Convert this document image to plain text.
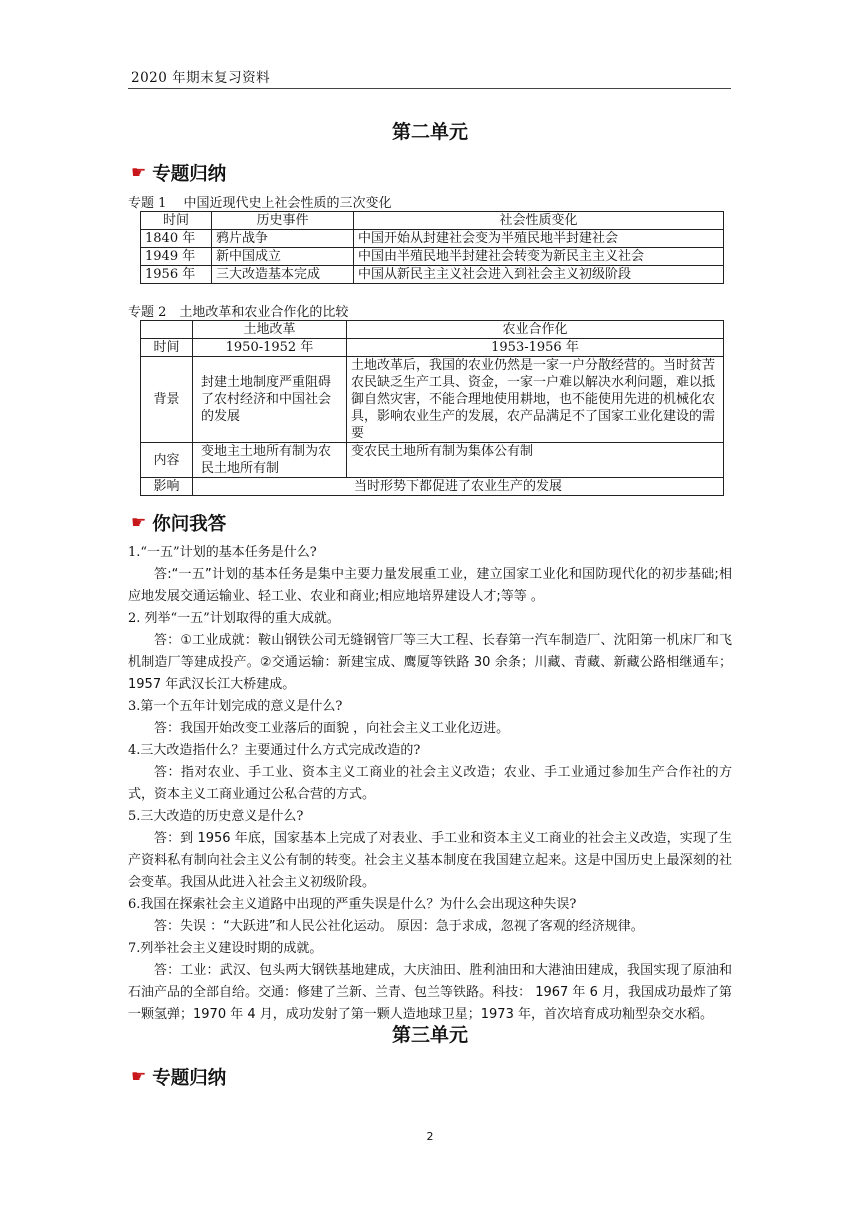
2020 年期末复习资料
第二单元
☛ 专题归纳
专题 1　 中国近现代史上社会性质的三次变化
时间	历史事件	社会性质变化
1840 年	鸦片战争	中国开始从封建社会变为半殖民地半封建社会
1949 年	新中国成立	中国由半殖民地半封建社会转变为新民主主义社会
1956 年	三大改造基本完成	中国从新民主主义社会进入到社会主义初级阶段
专题 2　土地改革和农业合作化的比较
	土地改革	农业合作化
时间	1950-1952 年	1953-1956 年
背景	封建土地制度严重阻碍了农村经济和中国社会的发展	土地改革后，我国的农业仍然是一家一户分散经营的。当时贫苦农民缺乏生产工具、资金，一家一户难以解决水利问题，难以抵御自然灾害，不能合理地使用耕地，也不能使用先进的机械化农具，影响农业生产的发展，农产品满足不了国家工业化建设的需要
内容	变地主土地所有制为农民土地所有制	变农民土地所有制为集体公有制
影响	当时形势下都促进了农业生产的发展	
☛ 你问我答

1.“一五”计划的基本任务是什么?

答:“一五”计划的基本任务是集中主要力量发展重工业，建立国家工业化和国防现代化的初步基础;相应地发展交通运输业、轻工业、农业和商业;相应地培界建设人才;等等 。

2. 列举“一五”计划取得的重大成就。

答：①工业成就：鞍山钢铁公司无缝钢管厂等三大工程、长春第一汽车制造厂、沈阳第一机床厂和飞机制造厂等建成投产。②交通运输：新建宝成、鹰厦等铁路 30 余条；川藏、青藏、新藏公路相继通车； 1957 年武汉长江大桥建成。

3.第一个五年计划完成的意义是什么?

答：我国开始改变工业落后的面貌 ，向社会主义工业化迈进。

4.三大改造指什么？主要通过什么方式完成改造的?

答：指对农业、手工业、资本主义工商业的社会主义改造；农业、手工业通过参加生产合作社的方式，资本主义工商业通过公私合营的方式。

5.三大改造的历史意义是什么?

答：到 1956 年底，国家基本上完成了对表业、手工业和资本主义工商业的社会主义改造，实现了生产资料私有制向社会主义公有制的转变。社会主义基本制度在我国建立起来。这是中国历史上最深刻的社会变革。我国从此进入社会主义初级阶段。

6.我国在探索社会主义道路中出现的严重失误是什么？为什么会出现这种失误?

答：失误 ：“大跃进”和人民公社化运动。 原因：急于求成，忽视了客观的经济规律。

7.列举社会主义建设时期的成就。

答：工业：武汉、包头两大钢铁基地建成，大庆油田、胜利油田和大港油田建成，我国实现了原油和石油产品的全部自给。交通：修建了兰新、兰青、包兰等铁路。科技： 1967 年 6 月，我国成功最炸了第一颗氢弹；1970 年 4 月，成功发射了第一颗人造地球卫星；1973 年，首次培育成功籼型杂交水稻。

第三单元
☛ 专题归纳
2
